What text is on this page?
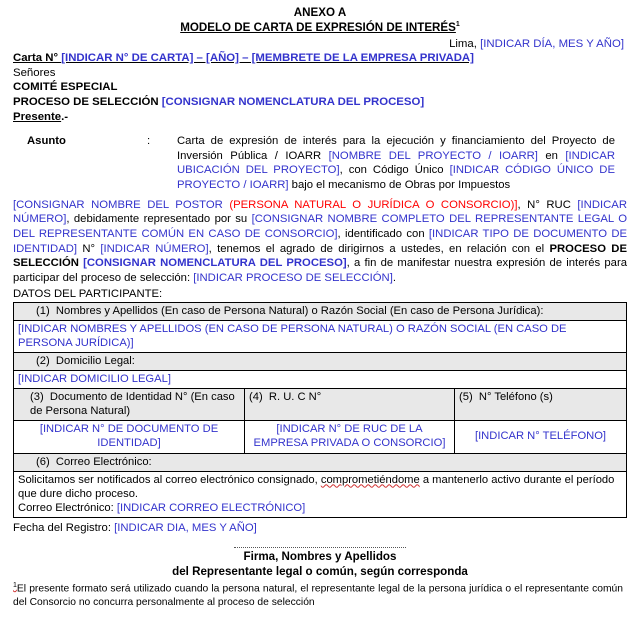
ANEXO A
MODELO DE CARTA DE EXPRESIÓN DE INTERÉS$^1$
Lima, [INDICAR DÍA, MES Y AÑO]
Carta N° [INDICAR N° DE CARTA] – [AÑO] – [MEMBRETE DE LA EMPRESA PRIVADA]
Señores
COMITÉ ESPECIAL
PROCESO DE SELECCIÓN [CONSIGNAR NOMENCLATURA DEL PROCESO]
Presente.-
Asunto	:	Carta de expresión de interés para la ejecución y financiamiento del Proyecto de Inversión Pública / IOARR [NOMBRE DEL PROYECTO / IOARR] en [INDICAR UBICACIÓN DEL PROYECTO], con Código Único [INDICAR CÓDIGO ÚNICO DE PROYECTO / IOARR] bajo el mecanismo de Obras por Impuestos
[CONSIGNAR NOMBRE DEL POSTOR (PERSONA NATURAL O JURÍDICA O CONSORCIO)], N° RUC [INDICAR NÚMERO], debidamente representado por su [CONSIGNAR NOMBRE COMPLETO DEL REPRESENTANTE LEGAL O DEL REPRESENTANTE COMÚN EN CASO DE CONSORCIO], identificado con [INDICAR TIPO DE DOCUMENTO DE IDENTIDAD] N° [INDICAR NÚMERO], tenemos el agrado de dirigirnos a ustedes, en relación con el PROCESO DE SELECCIÓN [CONSIGNAR NOMENCLATURA DEL PROCESO], a fin de manifestar nuestra expresión de interés para participar del proceso de selección: [INDICAR PROCESO DE SELECCIÓN].
DATOS DEL PARTICIPANTE:
(1) Nombres y Apellidos (En caso de Persona Natural) o Razón Social (En caso de Persona Jurídica):		
[INDICAR NOMBRES Y APELLIDOS (EN CASO DE PERSONA NATURAL) O RAZÓN SOCIAL (EN CASO DE PERSONA JURÍDICA)]		
(2) Domicilio Legal:		
[INDICAR DOMICILIO LEGAL]		

(3) Documento de Identidad N° (En caso de Persona Natural)	(4) R. U. C N°	(5) N° Teléfono (s)
[INDICAR N° DE DOCUMENTO DE IDENTIDAD]	[INDICAR N° DE RUC DE LA EMPRESA PRIVADA O CONSORCIO]	[INDICAR N° TELÉFONO]
(6) Correo Electrónico:		

Solicitamos ser notificados al correo electrónico consignado, comprometiéndome a mantenerlo activo durante el período que dure dicho proceso.
Correo Electrónico: [INDICAR CORREO ELECTRÓNICO]		
Fecha del Registro: [INDICAR DIA, MES Y AÑO]
Firma, Nombres y Apellidos
del Representante legal o común, según corresponda
$^1$El presente formato será utilizado cuando la persona natural, el representante legal de la persona jurídica o el representante común del Consorcio no concurra personalmente al proceso de selección
